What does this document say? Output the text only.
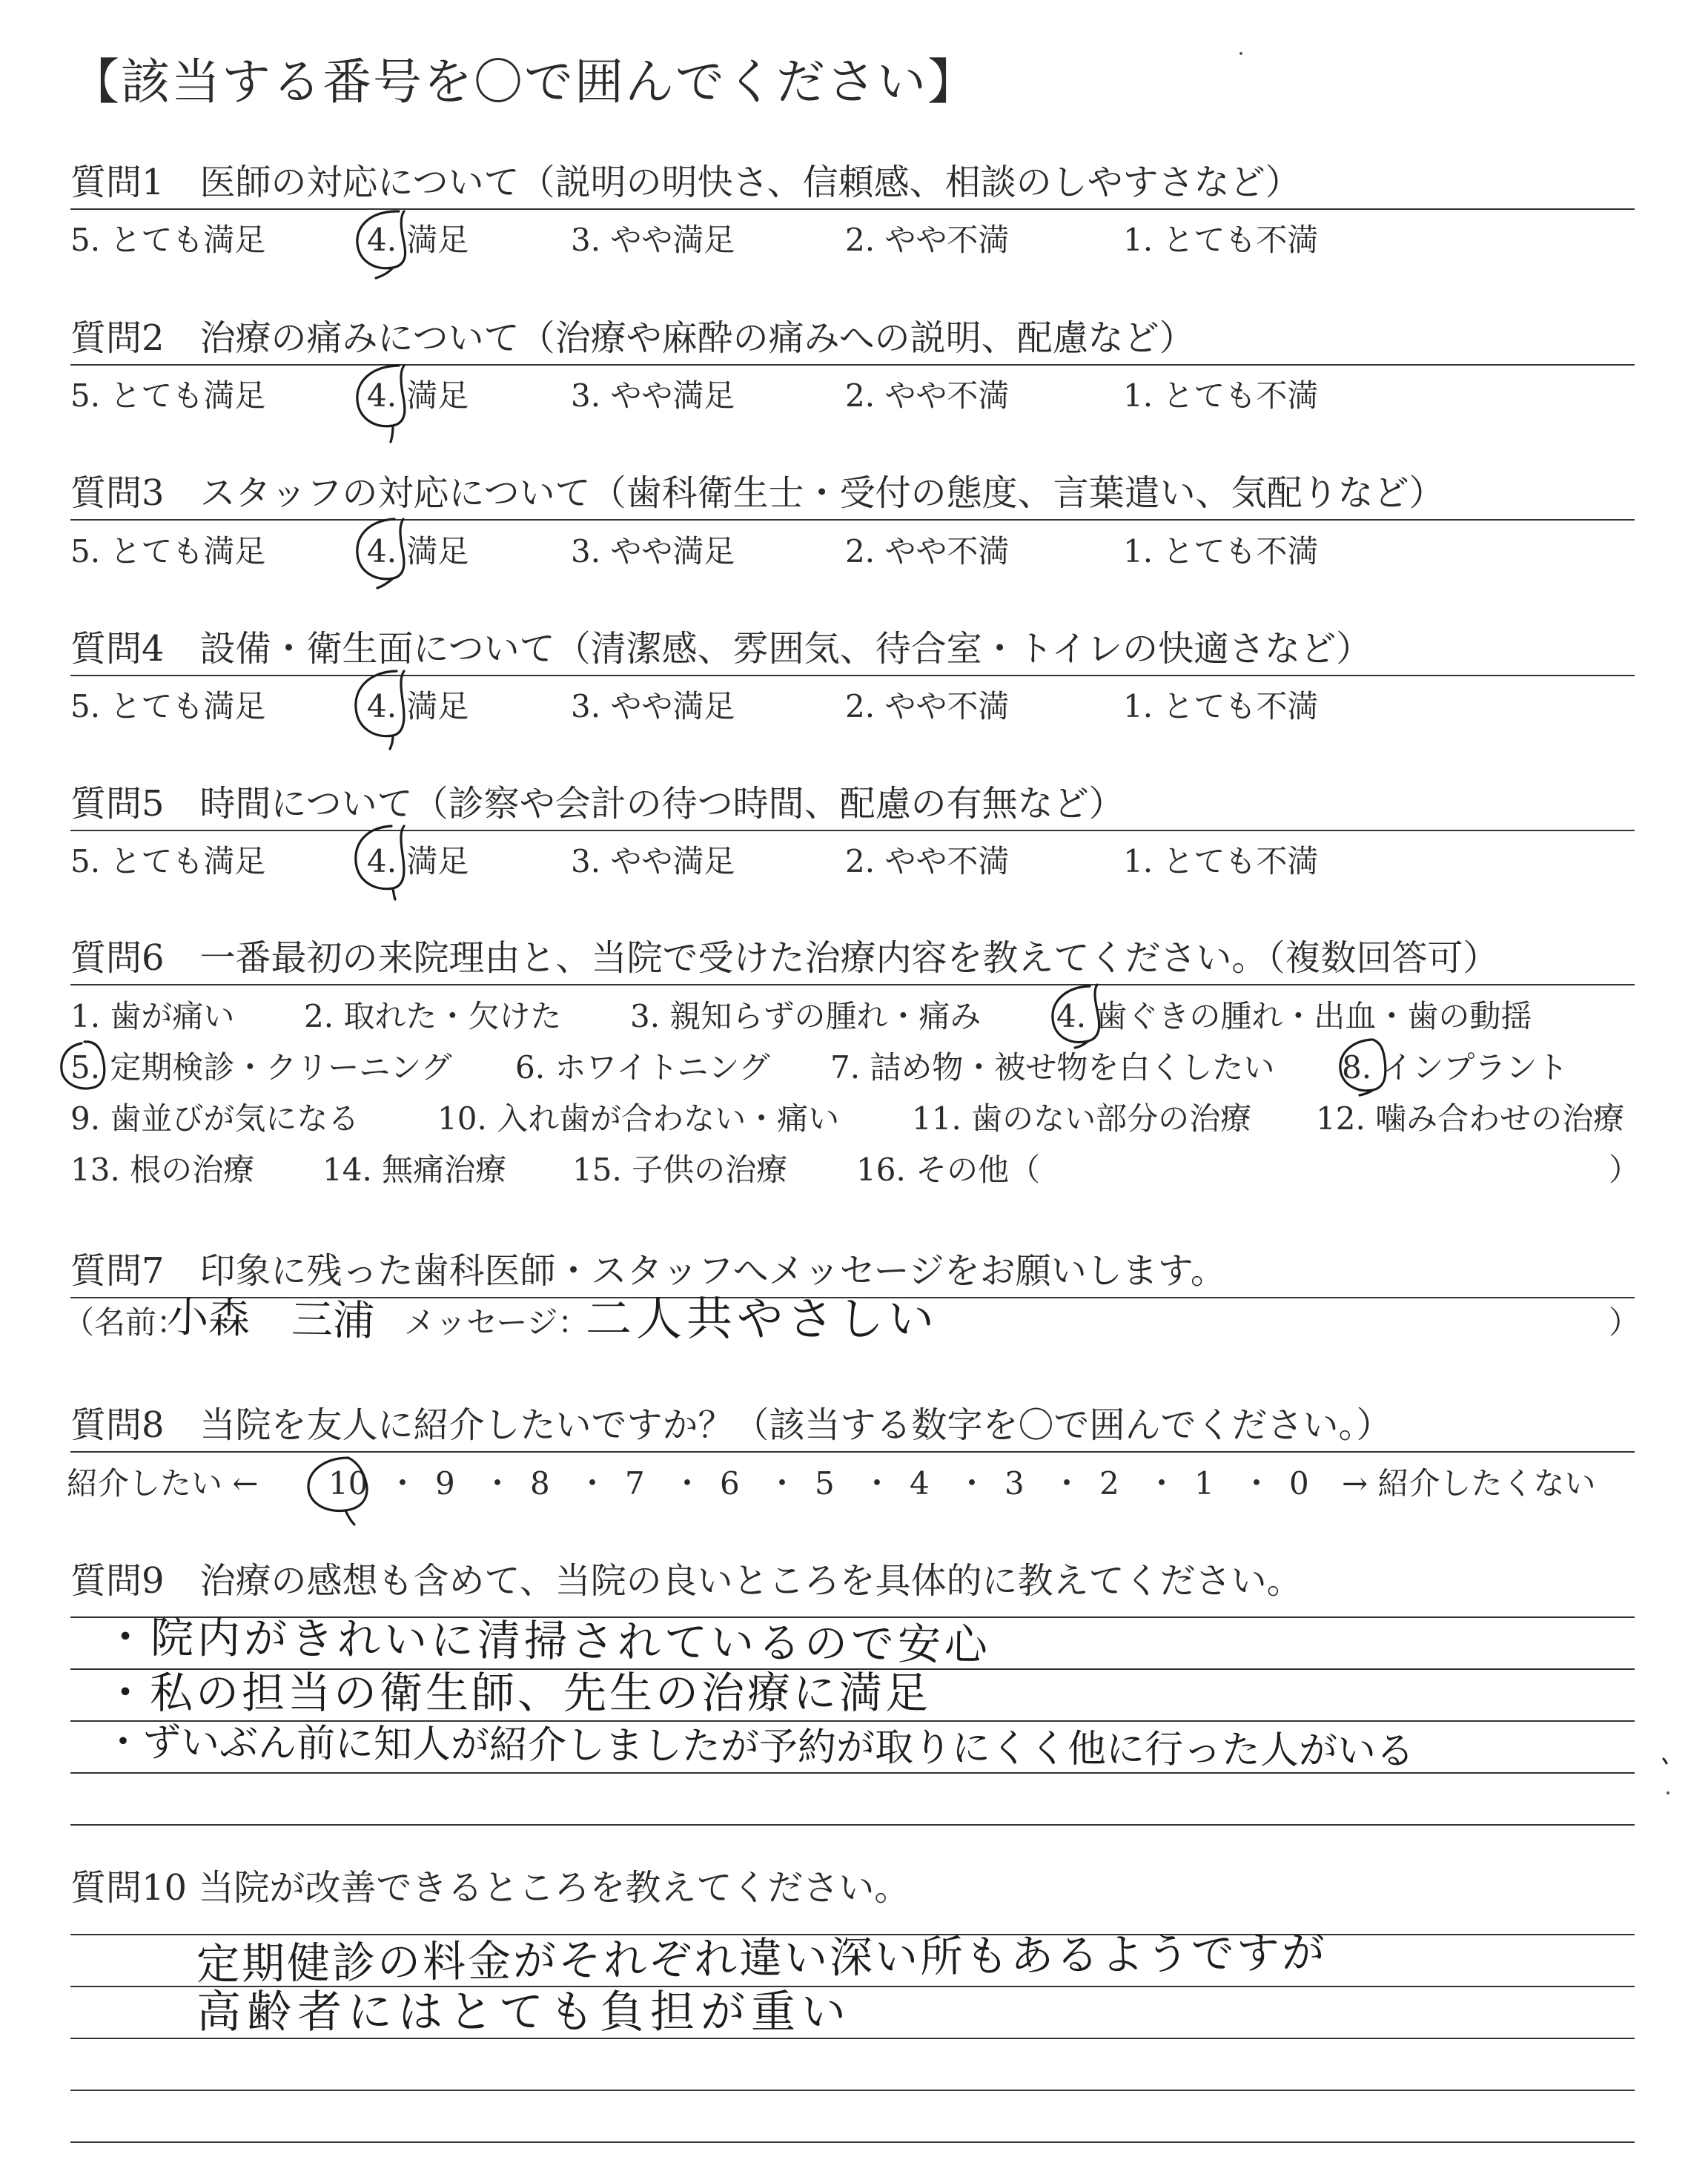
【該当する番号を〇で囲んでください】
質問1　医師の対応について（説明の明快さ、信頼感、相談のしやすさなど）
5. とても満足	4. 満足	3. やや満足	2. やや不満	1. とても不満
質問2　治療の痛みについて（治療や麻酔の痛みへの説明、配慮など）
5. とても満足	4. 満足	3. やや満足	2. やや不満	1. とても不満
質問3　スタッフの対応について（歯科衛生士・受付の態度、言葉遣い、気配りなど）
5. とても満足	4. 満足	3. やや満足	2. やや不満	1. とても不満
質問4　設備・衛生面について（清潔感、雰囲気、待合室・トイレの快適さなど）
5. とても満足	4. 満足	3. やや満足	2. やや不満	1. とても不満
質問5　時間について（診察や会計の待つ時間、配慮の有無など）
5. とても満足	4. 満足	3. やや満足	2. やや不満	1. とても不満
質問6　一番最初の来院理由と、当院で受けた治療内容を教えてください。（複数回答可）
1. 歯が痛い 2. 取れた・欠けた 3. 親知らずの腫れ・痛み 4. 歯ぐきの腫れ・出血・歯の動揺
5. 定期検診・クリーニング 6. ホワイトニング 7. 詰め物・被せ物を白くしたい 8. インプラント
9. 歯並びが気になる	10. 入れ歯が合わない・痛い 11. 歯のない部分の治療 12. 噛み合わせの治療
13. 根の治療 14. 無痛治療 15. 子供の治療 16. その他（	）
質問7　印象に残った歯科医師・スタッフへメッセージをお願いします。
（名前：	メッセージ：	）
小森　三浦	二人共やさしい
質問8　当院を友人に紹介したいですか？（該当する数字を〇で囲んでください。）
紹介したい ←	→ 紹介したくない
10 ・ 9 ・ 8 ・ 7 ・ 6 ・ 5 ・ 4 ・ 3 ・ 2 ・ 1 ・ 0
質問9　治療の感想も含めて、当院の良いところを具体的に教えてください。
・院内がきれいに清掃されているので安心
・私の担当の衛生師、先生の治療に満足
・ずいぶん前に知人が紹介しましたが予約が取りにくく他に行った人がいる
質問10 当院が改善できるところを教えてください。
定期健診の料金がそれぞれ違い深い所もあるようですが
高齢者にはとても負担が重い
